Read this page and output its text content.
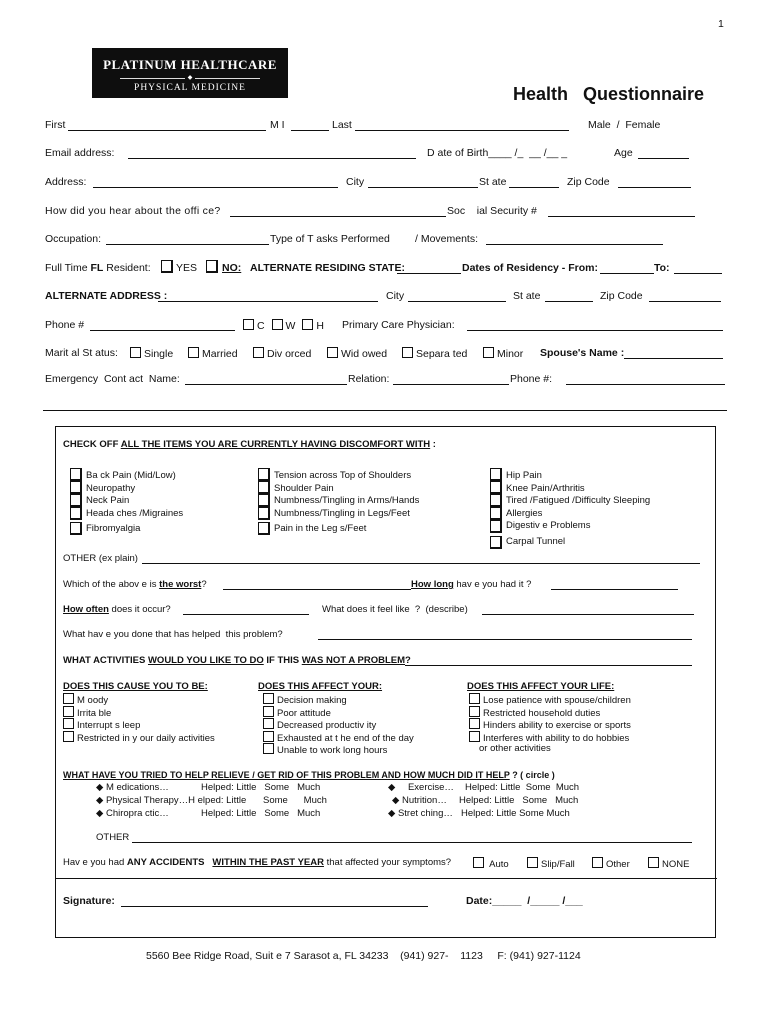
1
PLATINUM HEALTHCARE
◆
PHYSICAL MEDICINE	Health   Questionnaire
First	M I	Last	Male  /  Female
Email address:	D ate of Birth____ /_  __ /__ _	Age
Address:	City	St ate	Zip Code
How did you hear about the offi ce?	Soc    ial Security #
Occupation:	Type of T asks Performed / Movements:
Full Time FL Resident: YES NO: ALTERNATE RESIDING STATE:	Dates of Residency - From:	To:
ALTERNATE ADDRESS :	City	St ate	Zip Code
Phone #	C W H Primary Care Physician:
Marit al St atus:	Single	Married	Div orced	Wid owed	Separa ted	Minor Spouse's Name :
Emergency  Cont act  Name:	Relation:	Phone #:
CHECK OFF ALL THE ITEMS YOU ARE CURRENTLY HAVING DISCOMFORT WITH :
Ba ck Pain (Mid/Low)
Neuropathy
Neck Pain
Heada ches /Migraines
Fibromyalgia
Tension across Top of Shoulders
Shoulder Pain
Numbness/Tingling in Arms/Hands
Numbness/Tingling in Legs/Feet
Pain in the Leg s/Feet
Hip Pain
Knee Pain/Arthritis
Tired /Fatigued /Difficulty Sleeping
Allergies
Digestiv e Problems
Carpal Tunnel
OTHER (ex plain)
Which of the abov e is the worst?	How long hav e you had it ?
How often does it occur?	What does it feel like  ?  (describe)
What hav e you done that has helped  this problem?
WHAT ACTIVITIES WOULD YOU LIKE TO DO IF THIS WAS NOT A PROBLEM?
DOES THIS CAUSE YOU TO BE:
M oody
Irrita ble
Interrupt s leep
Restricted in y our daily activities
DOES THIS AFFECT YOUR:
Decision making
Poor attitude
Decreased productiv ity
Exhausted at t he end of the day
Unable to work long hours
DOES THIS AFFECT YOUR LIFE:
Lose patience with spouse/children
Restricted household duties
Hinders ability to exercise or sports
Interferes with ability to do hobbies
or other activities
WHAT HAVE YOU TRIED TO HELP RELIEVE / GET RID OF THIS PROBLEM AND HOW MUCH DID IT HELP ? ( circle )
◆ M edications…	Helped: Little   Some   Much
◆ Physical Therapy…H elped: Little Some      Much
◆ Chiropra ctic…	Helped: Little   Some   Much
◆ Exercise… Helped: Little  Some  Much
◆ Nutrition… Helped: Little   Some   Much
◆ Stret ching… Helped: Little Some Much
OTHER
Hav e you had ANY ACCIDENTS WITHIN THE PAST YEAR that affected your symptoms?	Auto	Slip/Fall	Other	NONE
Signature:	Date:_____  /_____ /___
5560 Bee Ridge Road, Suit e 7 Sarasot a, FL 34233    (941) 927-    1123     F: (941) 927-1124
